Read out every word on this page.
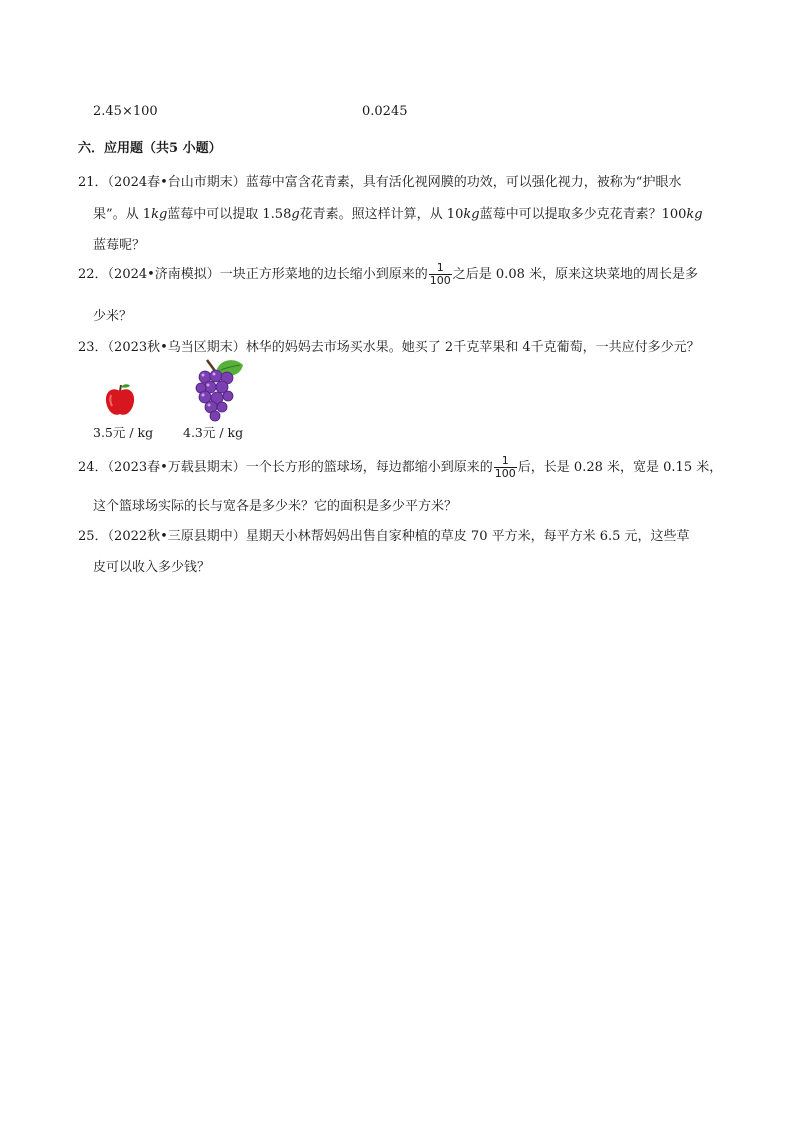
2.45×100	0.0245
六．应用题（共5 小题）
21．（2024春•台山市期末）蓝莓中富含花青素，具有活化视网膜的功效，可以强化视力，被称为“护眼水
果”。从 1kg蓝莓中可以提取 1.58g花青素。照这样计算，从 10kg蓝莓中可以提取多少克花青素？100kg
蓝莓呢？
22．（2024•济南模拟）一块正方形菜地的边长缩小到原来的 $\frac{1}{100}$ 之后是 0.08 米，原来这块菜地的周长是多
少米？
23．（2023秋•乌当区期末）林华的妈妈去市场买水果。她买了 2千克苹果和 4千克葡萄，一共应付多少元？
3.5元 / kg 4.3元 / kg
24．（2023春•万载县期末）一个长方形的篮球场，每边都缩小到原来的 $\frac{1}{100}$ 后，长是 0.28 米，宽是 0.15 米，
这个篮球场实际的长与宽各是多少米？它的面积是多少平方米？
25．（2022秋•三原县期中）星期天小林帮妈妈出售自家种植的草皮 70 平方米，每平方米 6.5 元，这些草
皮可以收入多少钱？
